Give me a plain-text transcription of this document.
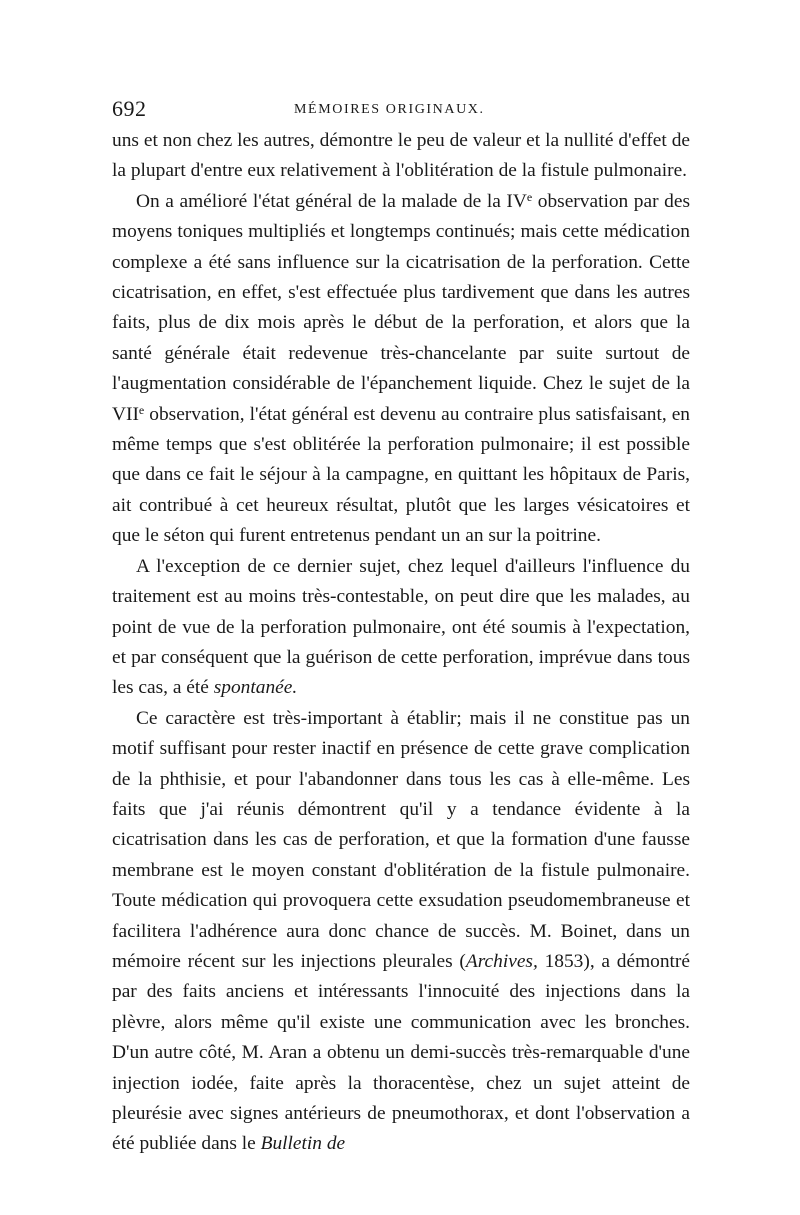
692	MÉMOIRES ORIGINAUX.

uns et non chez les autres, démontre le peu de valeur et la nullité d'effet de la plupart d'entre eux relativement à l'oblitération de la fistule pulmonaire.

On a amélioré l'état général de la malade de la IVe observation par des moyens toniques multipliés et longtemps continués; mais cette médication complexe a été sans influence sur la cicatrisation de la perforation. Cette cicatrisation, en effet, s'est effectuée plus tardivement que dans les autres faits, plus de dix mois après le début de la perforation, et alors que la santé générale était redevenue très-chancelante par suite surtout de l'augmentation considérable de l'épanchement liquide. Chez le sujet de la VIIe observation, l'état général est devenu au contraire plus satisfaisant, en même temps que s'est oblitérée la perforation pulmonaire; il est possible que dans ce fait le séjour à la campagne, en quittant les hôpitaux de Paris, ait contribué à cet heureux résultat, plutôt que les larges vésicatoires et que le séton qui furent entretenus pendant un an sur la poitrine.

A l'exception de ce dernier sujet, chez lequel d'ailleurs l'influence du traitement est au moins très-contestable, on peut dire que les malades, au point de vue de la perforation pulmonaire, ont été soumis à l'expectation, et par conséquent que la guérison de cette perforation, imprévue dans tous les cas, a été spontanée.

Ce caractère est très-important à établir; mais il ne constitue pas un motif suffisant pour rester inactif en présence de cette grave complication de la phthisie, et pour l'abandonner dans tous les cas à elle-même. Les faits que j'ai réunis démontrent qu'il y a tendance évidente à la cicatrisation dans les cas de perforation, et que la formation d'une fausse membrane est le moyen constant d'oblitération de la fistule pulmonaire. Toute médication qui provoquera cette exsudation pseudomembraneuse et facilitera l'adhérence aura donc chance de succès. M. Boinet, dans un mémoire récent sur les injections pleurales (Archives, 1853), a démontré par des faits anciens et intéressants l'innocuité des injections dans la plèvre, alors même qu'il existe une communication avec les bronches. D'un autre côté, M. Aran a obtenu un demi-succès très-remarquable d'une injection iodée, faite après la thoracentèse, chez un sujet atteint de pleurésie avec signes antérieurs de pneumothorax, et dont l'observation a été publiée dans le Bulletin de
